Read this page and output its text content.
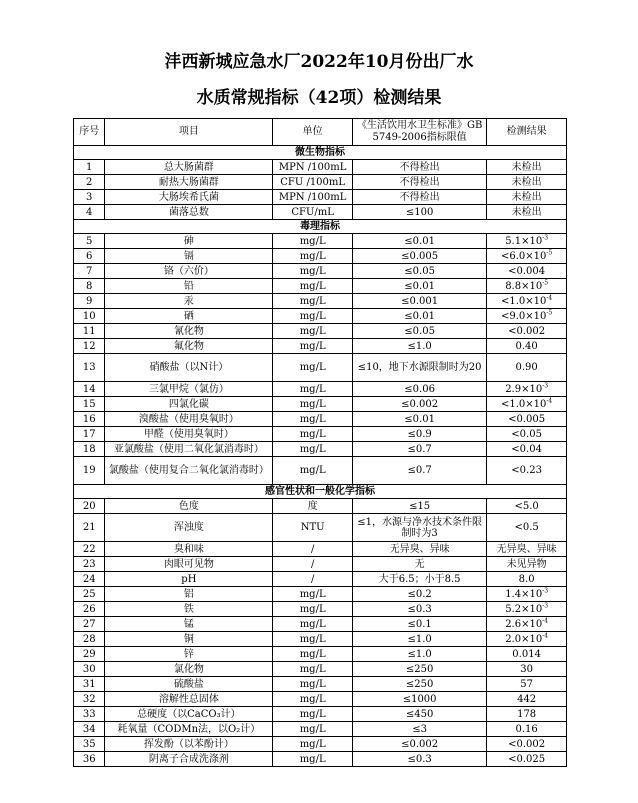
沣西新城应急水厂2022年10月份出厂水
水质常规指标（42项）检测结果
序号	项目	单位	《生活饮用水卫生标准》GB 5749-2006指标限值	检测结果
微生物指标				
1	总大肠菌群	MPN /100mL	不得检出	未检出
2	耐热大肠菌群	CFU /100mL	不得检出	未检出
3	大肠埃希氏菌	MPN /100mL	不得检出	未检出
4	菌落总数	CFU/mL	≤100	未检出
毒理指标				
5	砷	mg/L	≤0.01	$5.1\times 10^{-3}$
6	镉	mg/L	≤0.005	$<6.0\times 10^{-5}$
7	铬（六价）	mg/L	≤0.05	<0.004
8	铅	mg/L	≤0.01	$8.8\times 10^{-5}$
9	汞	mg/L	≤0.001	$<1.0\times 10^{-4}$
10	硒	mg/L	≤0.01	$<9.0\times 10^{-5}$
11	氰化物	mg/L	≤0.05	<0.002
12	氟化物	mg/L	≤1.0	0.40
13	硝酸盐（以N计）	mg/L	≤10，地下水源限制时为20	0.90
14	三氯甲烷（氯仿）	mg/L	≤0.06	$2.9\times 10^{-3}$
15	四氯化碳	mg/L	≤0.002	$<1.0\times 10^{-4}$
16	溴酸盐（使用臭氧时）	mg/L	≤0.01	<0.005
17	甲醛（使用臭氧时）	mg/L	≤0.9	<0.05
18	亚氯酸盐（使用二氧化氯消毒时）	mg/L	≤0.7	<0.04
19	氯酸盐（使用复合二氧化氯消毒时）	mg/L	≤0.7	<0.23
感官性状和一般化学指标				
20	色度	度	≤15	<5.0
21	浑浊度	NTU	≤1，水源与净水技术条件限制时为3	<0.5
22	臭和味	/	无异臭、异味	无异臭、异味
23	肉眼可见物	/	无	未见异物
24	pH	/	大于6.5；小于8.5	8.0
25	铝	mg/L	≤0.2	$1.4\times 10^{-3}$
26	铁	mg/L	≤0.3	$5.2\times 10^{-3}$
27	锰	mg/L	≤0.1	$2.6\times 10^{-4}$
28	铜	mg/L	≤1.0	$2.0\times 10^{-4}$
29	锌	mg/L	≤1.0	0.014
30	氯化物	mg/L	≤250	30
31	硫酸盐	mg/L	≤250	57
32	溶解性总固体	mg/L	≤1000	442
33	总硬度（以CaCO₃计）	mg/L	≤450	178
34	耗氧量（CODMn法，以O₂计）	mg/L	≤3	0.16
35	挥发酚（以苯酚计）	mg/L	≤0.002	<0.002
36	阴离子合成洗涤剂	mg/L	≤0.3	<0.025
